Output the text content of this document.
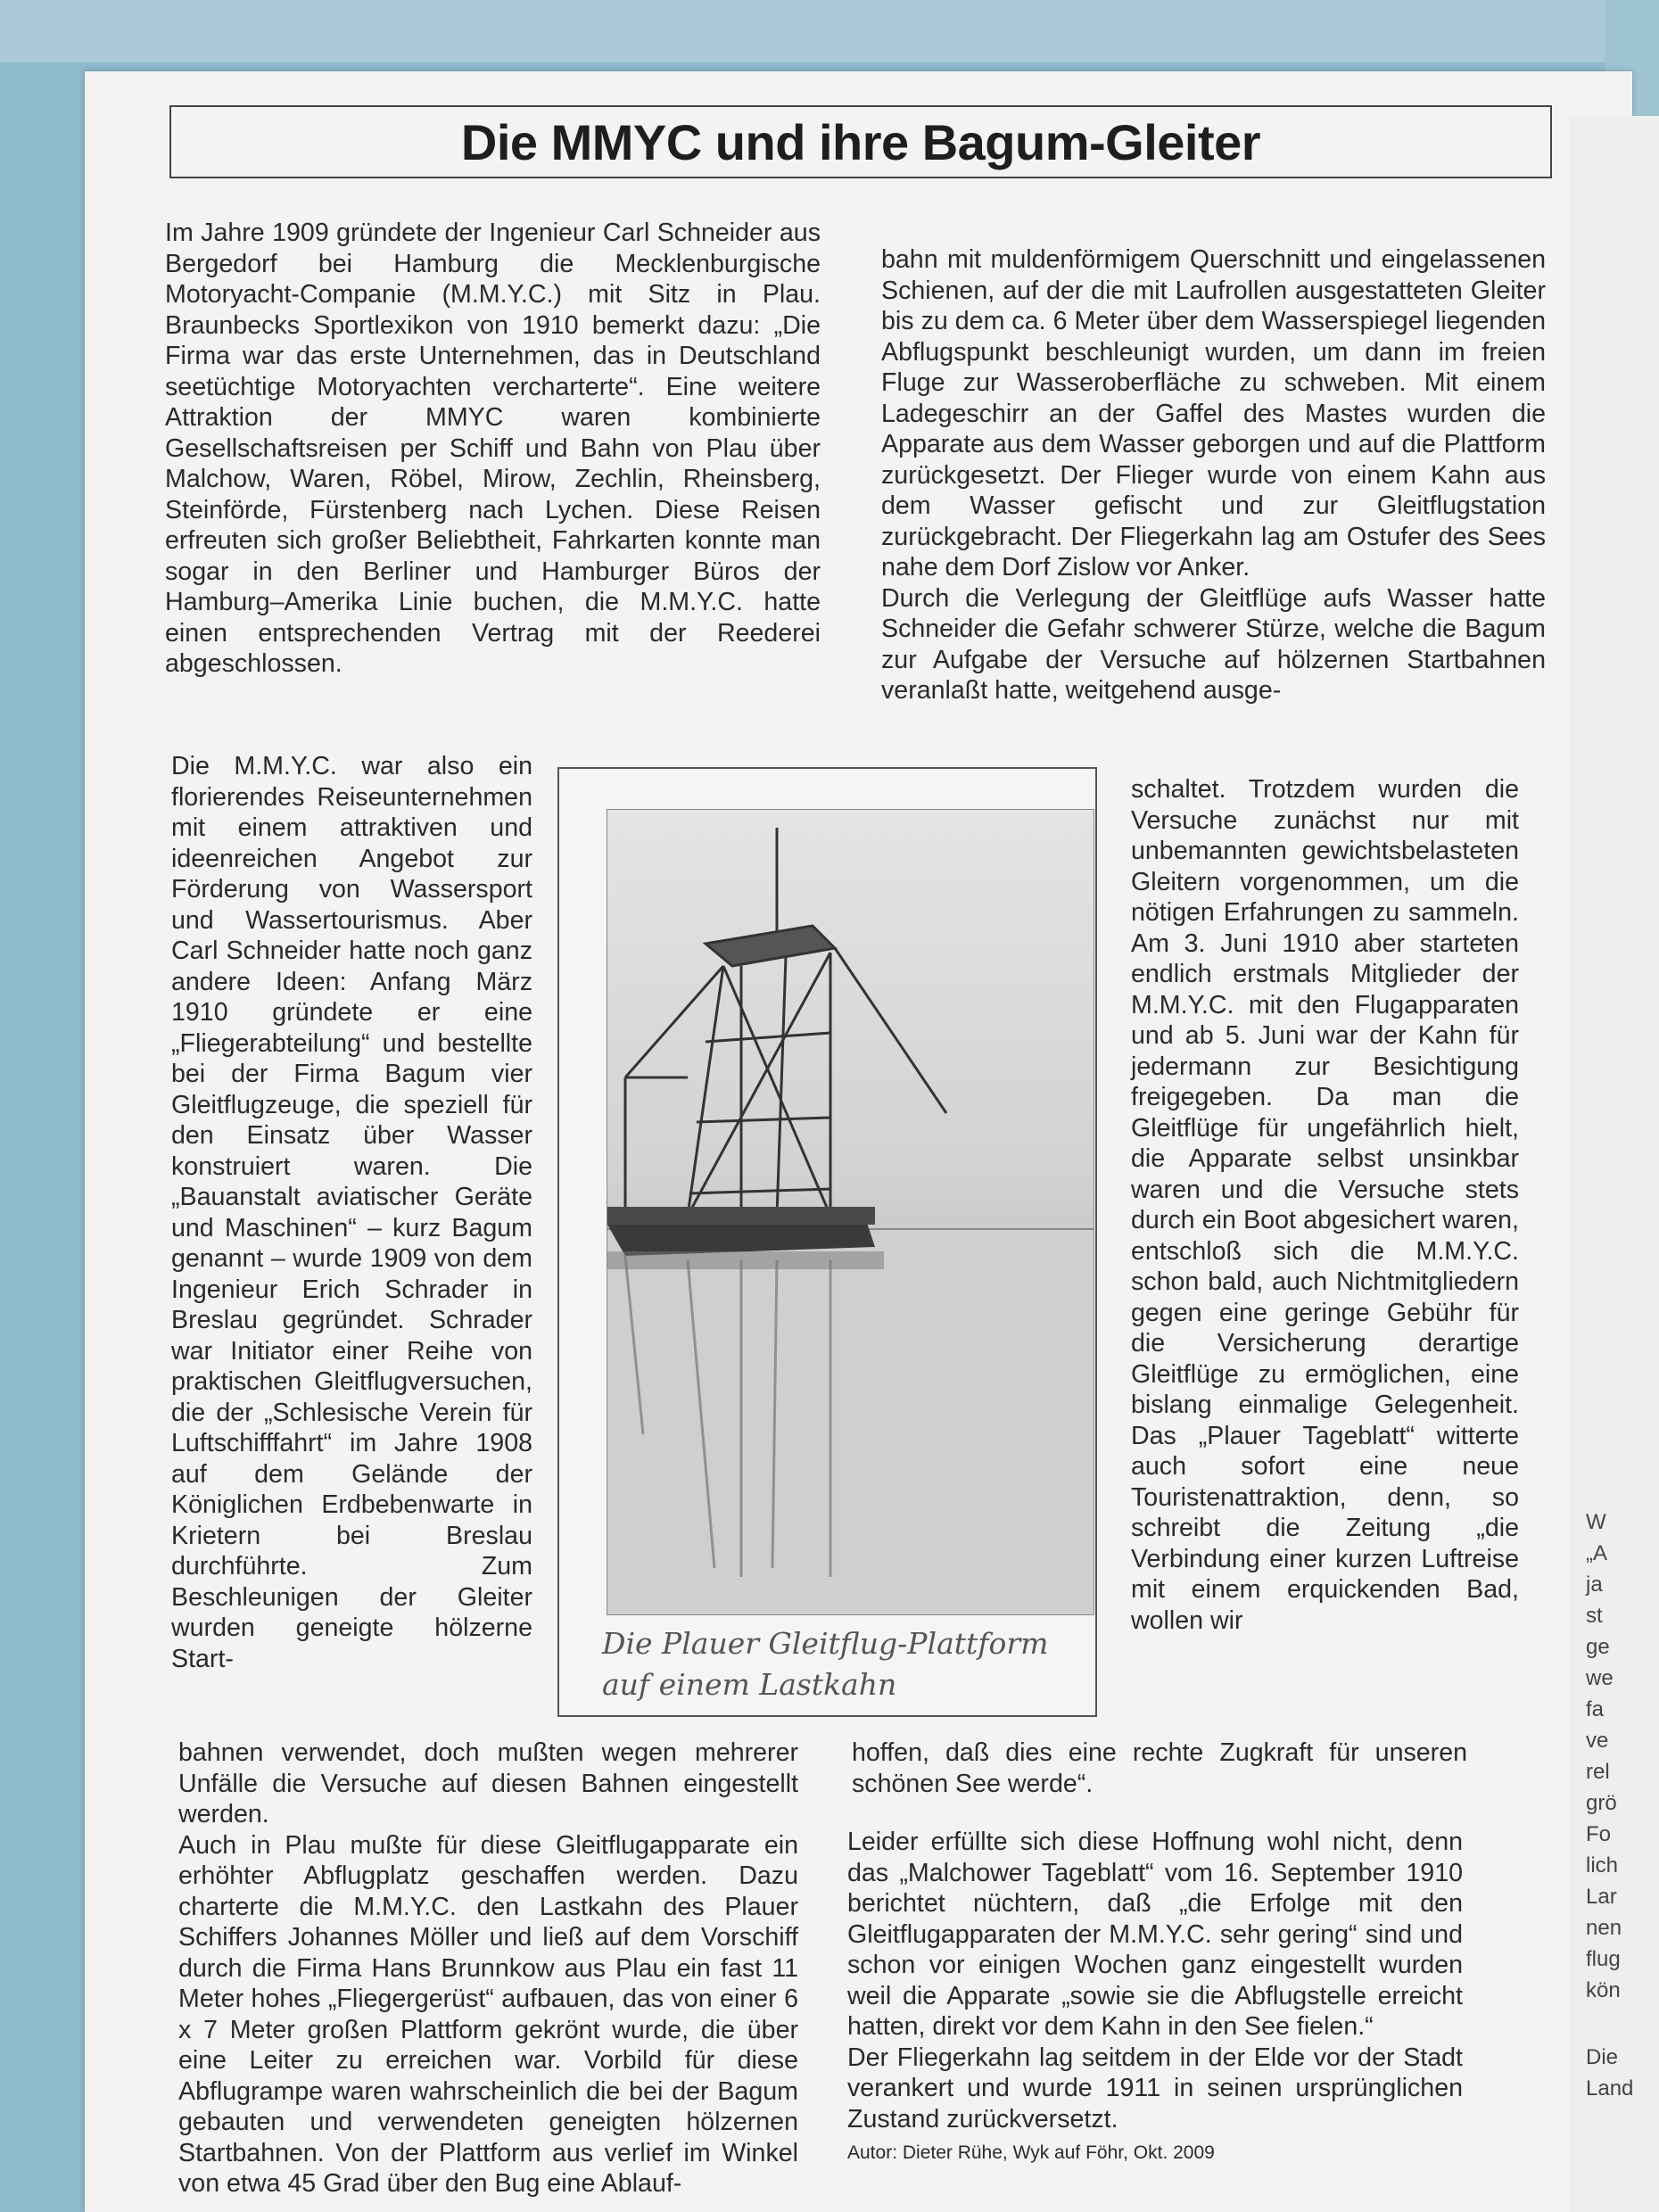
W
„A
ja
st
ge
we
fa
ve
rel
grö
Fo
lich
Lar
nen
flug
kön
Die
Land
Die MMYC und ihre Bagum-Gleiter

Im Jahre 1909 gründete der Ingenieur Carl Schneider aus Bergedorf bei Hamburg die Mecklenburgische Motoryacht-Companie (M.M.Y.C.) mit Sitz in Plau. Braunbecks Sportlexikon von 1910 bemerkt dazu: „Die Firma war das erste Unternehmen, das in Deutschland seetüchtige Motoryachten vercharterte“. Eine weitere Attraktion der MMYC waren kombinierte Gesellschaftsreisen per Schiff und Bahn von Plau über Malchow, Waren, Röbel, Mirow, Zechlin, Rheinsberg, Steinförde, Fürstenberg nach Lychen. Diese Reisen erfreuten sich großer Beliebtheit, Fahrkarten konnte man sogar in den Berliner und Hamburger Büros der Hamburg–Amerika Linie buchen, die M.M.Y.C. hatte einen entsprechenden Vertrag mit der Reederei abgeschlossen.

Die M.M.Y.C. war also ein florierendes Reiseunternehmen mit einem attraktiven und ideenreichen Angebot zur Förderung von Wassersport und Wassertourismus. Aber Carl Schneider hatte noch ganz andere Ideen: Anfang März 1910 gründete er eine „Fliegerabteilung“ und bestellte bei der Firma Bagum vier Gleitflugzeuge, die speziell für den Einsatz über Wasser konstruiert waren. Die „Bauanstalt aviatischer Geräte und Maschinen“ – kurz Bagum genannt – wurde 1909 von dem Ingenieur Erich Schrader in Breslau gegründet. Schrader war Initiator einer Reihe von praktischen Gleitflugversuchen, die der „Schlesische Verein für Luftschifffahrt“ im Jahre 1908 auf dem Gelände der Königlichen Erdbebenwarte in Krietern bei Breslau durchführte. Zum Beschleunigen der Gleiter wurden geneigte hölzerne Start-

bahnen verwendet, doch mußten wegen mehrerer Unfälle die Versuche auf diesen Bahnen eingestellt werden.

Auch in Plau mußte für diese Gleitflugapparate ein erhöhter Abflugplatz geschaffen werden. Dazu charterte die M.M.Y.C. den Lastkahn des Plauer Schiffers Johannes Möller und ließ auf dem Vorschiff durch die Firma Hans Brunnkow aus Plau ein fast 11 Meter hohes „Fliegergerüst“ aufbauen, das von einer 6 x 7 Meter großen Plattform gekrönt wurde, die über eine Leiter zu erreichen war. Vorbild für diese Abflugrampe waren wahrscheinlich die bei der Bagum gebauten und verwendeten geneigten hölzernen Startbahnen. Von der Plattform aus verlief im Winkel von etwa 45 Grad über den Bug eine Ablauf-

bahn mit muldenförmigem Querschnitt und eingelassenen Schienen, auf der die mit Laufrollen ausgestatteten Gleiter bis zu dem ca. 6 Meter über dem Wasserspiegel liegenden Abflugspunkt beschleunigt wurden, um dann im freien Fluge zur Wasseroberfläche zu schweben. Mit einem Ladegeschirr an der Gaffel des Mastes wurden die Apparate aus dem Wasser geborgen und auf die Plattform zurückgesetzt. Der Flieger wurde von einem Kahn aus dem Wasser gefischt und zur Gleitflugstation zurückgebracht. Der Fliegerkahn lag am Ostufer des Sees nahe dem Dorf Zislow vor Anker.

Durch die Verlegung der Gleitflüge aufs Wasser hatte Schneider die Gefahr schwerer Stürze, welche die Bagum zur Aufgabe der Versuche auf hölzernen Startbahnen veranlaßt hatte, weitgehend ausge-

schaltet. Trotzdem wurden die Versuche zunächst nur mit unbemannten gewichtsbelasteten Gleitern vorgenommen, um die nötigen Erfahrungen zu sammeln. Am 3. Juni 1910 aber starteten endlich erstmals Mitglieder der M.M.Y.C. mit den Flugapparaten und ab 5. Juni war der Kahn für jedermann zur Besichtigung freigegeben. Da man die Gleitflüge für ungefährlich hielt, die Apparate selbst unsinkbar waren und die Versuche stets durch ein Boot abgesichert waren, entschloß sich die M.M.Y.C. schon bald, auch Nichtmitgliedern gegen eine geringe Gebühr für die Versicherung derartige Gleitflüge zu ermöglichen, eine bislang einmalige Gelegenheit. Das „Plauer Tageblatt“ witterte auch sofort eine neue Touristenattraktion, denn, so schreibt die Zeitung „die Verbindung einer kurzen Luftreise mit einem erquickenden Bad, wollen wir

hoffen, daß dies eine rechte Zugkraft für unseren schönen See werde“.

Leider erfüllte sich diese Hoffnung wohl nicht, denn das „Malchower Tageblatt“ vom 16. September 1910 berichtet nüchtern, daß „die Erfolge mit den Gleitflugapparaten der M.M.Y.C. sehr gering“ sind und schon vor einigen Wochen ganz eingestellt wurden weil die Apparate „sowie sie die Abflugstelle erreicht hatten, direkt vor dem Kahn in den See fielen.“

Der Fliegerkahn lag seitdem in der Elde vor der Stadt verankert und wurde 1911 in seinen ursprünglichen Zustand zurückversetzt.

Die Plauer Gleitflug-Plattform
auf einem Lastkahn
Autor: Dieter Rühe, Wyk auf Föhr, Okt. 2009
